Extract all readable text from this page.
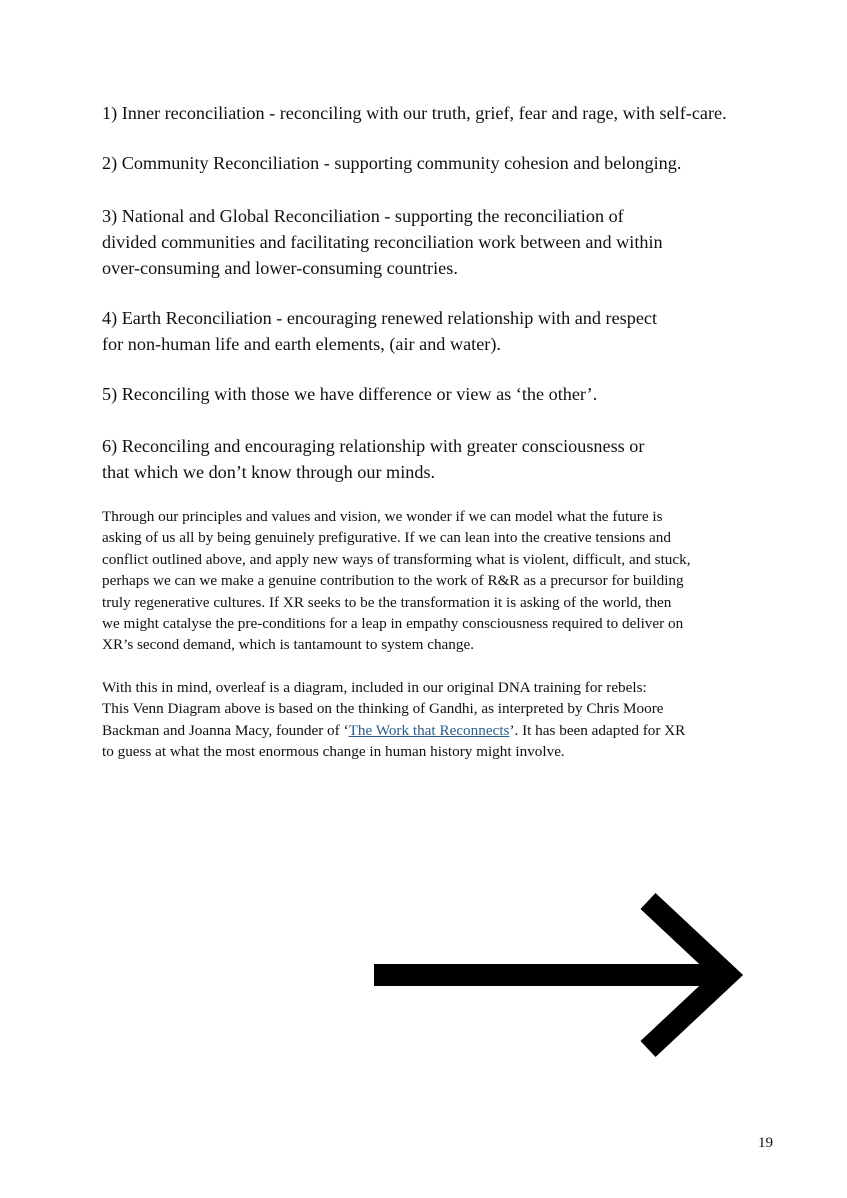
1) Inner reconciliation - reconciling with our truth, grief, fear and rage, with self-care.

2) Community Reconciliation - supporting community cohesion and belonging.

3) National and Global Reconciliation - supporting the reconciliation of
divided communities and facilitating reconciliation work between and within
over-consuming and lower-consuming countries.

4) Earth Reconciliation - encouraging renewed relationship with and respect
for non-human life and earth elements, (air and water).

5) Reconciling with those we have difference or view as ‘the other’.

6) Reconciling and encouraging relationship with greater consciousness or
that which we don’t know through our minds.

Through our principles and values and vision, we wonder if we can model what the future is
asking of us all by being genuinely prefigurative. If we can lean into the creative tensions and
conflict outlined above, and apply new ways of transforming what is violent, difficult, and stuck,
perhaps we can we make a genuine contribution to the work of R&R as a precursor for building
truly regenerative cultures. If XR seeks to be the transformation it is asking of the world, then
we might catalyse the pre-conditions for a leap in empathy consciousness required to deliver on
XR’s second demand, which is tantamount to system change.

With this in mind, overleaf is a diagram, included in our original DNA training for rebels:
This Venn Diagram above is based on the thinking of Gandhi, as interpreted by Chris Moore
Backman and Joanna Macy, founder of ‘The Work that Reconnects’. It has been adapted for XR
to guess at what the most enormous change in human history might involve.

19
